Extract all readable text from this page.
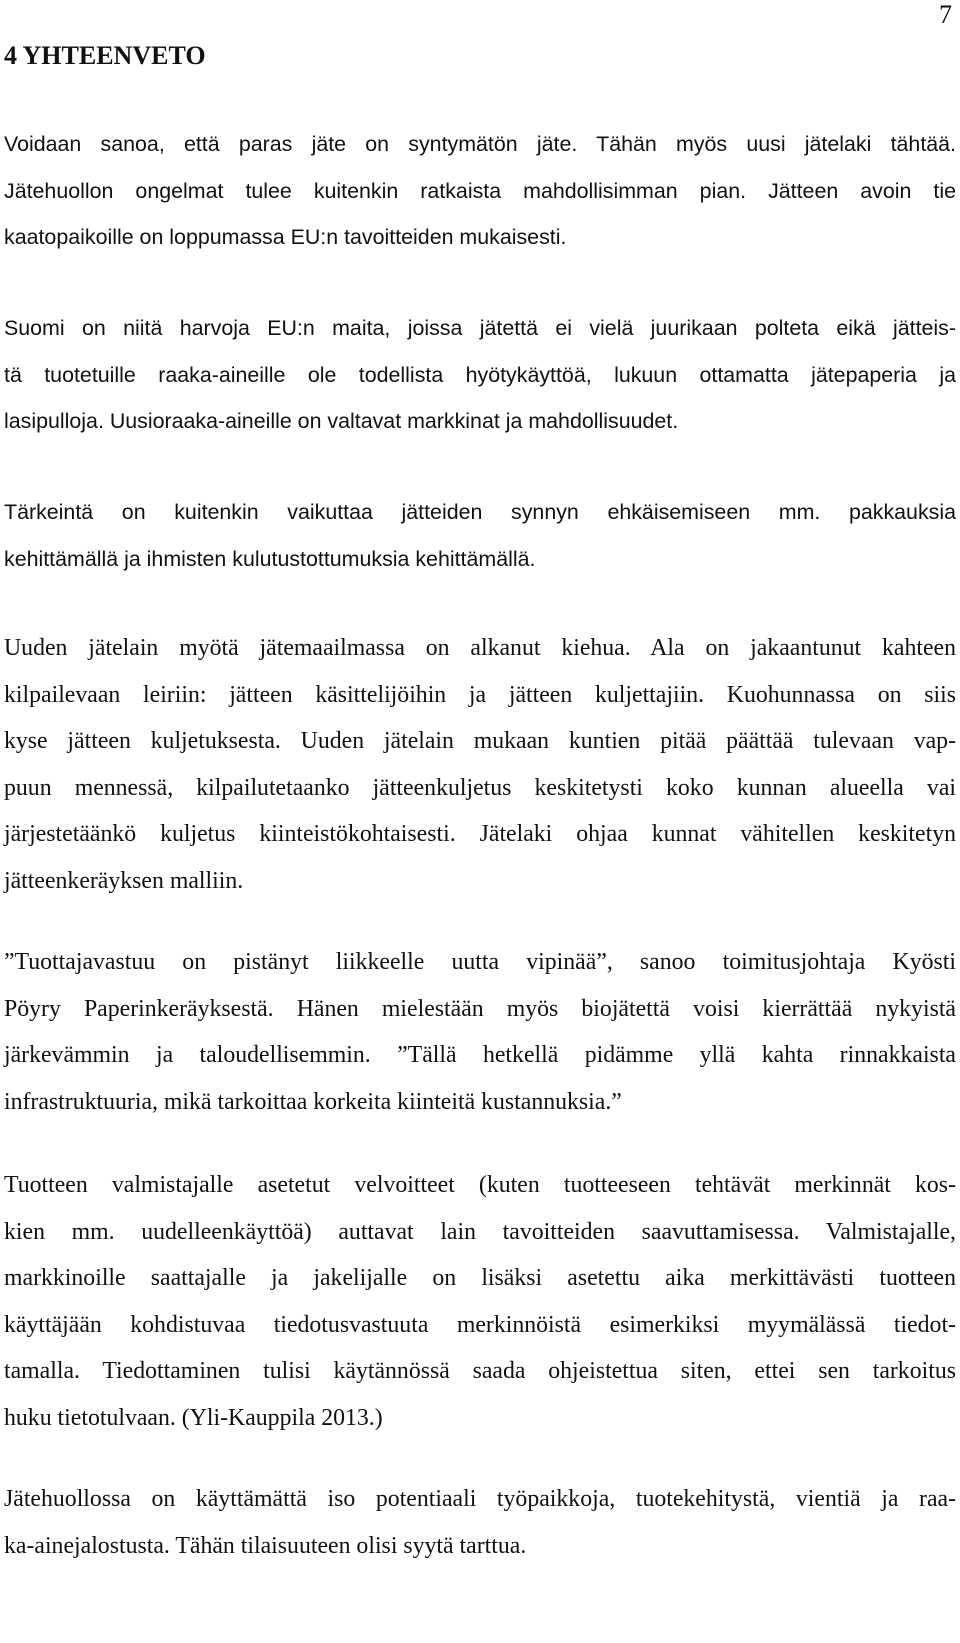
7
4 YHTEENVETO
Voidaan sanoa, että paras jäte on syntymätön jäte. Tähän myös uusi jätelaki tähtää.
Jätehuollon ongelmat tulee kuitenkin ratkaista mahdollisimman pian. Jätteen avoin tie
kaatopaikoille on loppumassa EU:n tavoitteiden mukaisesti.
Suomi on niitä harvoja EU:n maita, joissa jätettä ei vielä juurikaan polteta eikä jätteis-
tä tuotetuille raaka-aineille ole todellista hyötykäyttöä, lukuun ottamatta jätepaperia ja
lasipulloja. Uusioraaka-aineille on valtavat markkinat ja mahdollisuudet.
Tärkeintä on kuitenkin vaikuttaa jätteiden synnyn ehkäisemiseen mm. pakkauksia
kehittämällä ja ihmisten kulutustottumuksia kehittämällä.
Uuden jätelain myötä jätemaailmassa on alkanut kiehua. Ala on jakaantunut kahteen
kilpailevaan leiriin: jätteen käsittelijöihin ja jätteen kuljettajiin. Kuohunnassa on siis
kyse jätteen kuljetuksesta. Uuden jätelain mukaan kuntien pitää päättää tulevaan vap-
puun mennessä, kilpailutetaanko jätteenkuljetus keskitetysti koko kunnan alueella vai
järjestetäänkö kuljetus kiinteistökohtaisesti. Jätelaki ohjaa kunnat vähitellen keskitetyn
jätteenkeräyksen malliin.
”Tuottajavastuu on pistänyt liikkeelle uutta vipinää”, sanoo toimitusjohtaja Kyösti
Pöyry Paperinkeräyksestä. Hänen mielestään myös biojätettä voisi kierrättää nykyistä
järkevämmin ja taloudellisemmin. ”Tällä hetkellä pidämme yllä kahta rinnakkaista
infrastruktuuria, mikä tarkoittaa korkeita kiinteitä kustannuksia.”
Tuotteen valmistajalle asetetut velvoitteet (kuten tuotteeseen tehtävät merkinnät kos-
kien mm. uudelleenkäyttöä) auttavat lain tavoitteiden saavuttamisessa. Valmistajalle,
markkinoille saattajalle ja jakelijalle on lisäksi asetettu aika merkittävästi tuotteen
käyttäjään kohdistuvaa tiedotusvastuuta merkinnöistä esimerkiksi myymälässä tiedot-
tamalla. Tiedottaminen tulisi käytännössä saada ohjeistettua siten, ettei sen tarkoitus
huku tietotulvaan. (Yli-Kauppila 2013.)
Jätehuollossa on käyttämättä iso potentiaali työpaikkoja, tuotekehitystä, vientiä ja raa-
ka-ainejalostusta. Tähän tilaisuuteen olisi syytä tarttua.
